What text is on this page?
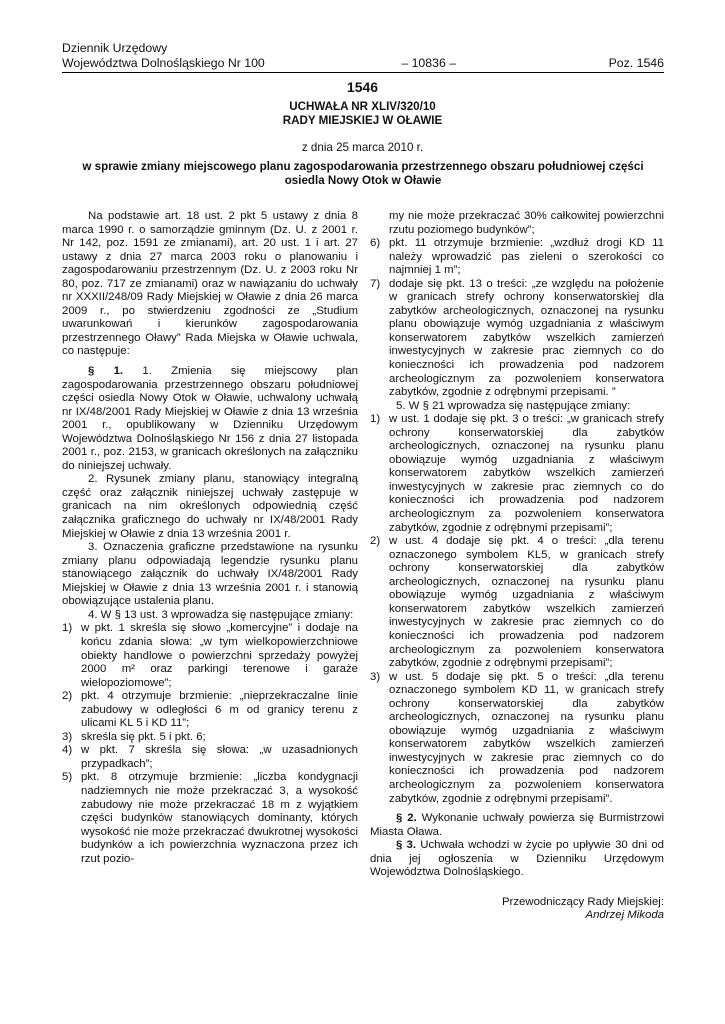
Dziennik Urzędowy
Województwa Dolnośląskiego Nr 100	– 10836 –	Poz. 1546
1546
UCHWAŁA NR XLIV/320/10
RADY MIEJSKIEJ W OŁAWIE
z dnia 25 marca 2010 r.
w sprawie zmiany miejscowego planu zagospodarowania przestrzennego obszaru południowej części osiedla Nowy Otok w Oławie

Na podstawie art. 18 ust. 2 pkt 5 ustawy z dnia 8 marca 1990 r. o samorządzie gminnym (Dz. U. z 2001 r. Nr 142, poz. 1591 ze zmianami), art. 20 ust. 1 i art. 27 ustawy z dnia 27 marca 2003 roku o planowaniu i zagospodarowaniu przestrzennym (Dz. U. z 2003 roku Nr 80, poz. 717 ze zmianami) oraz w nawiązaniu do uchwały nr XXXII/248/09 Rady Miejskiej w Oławie z dnia 26 marca 2009 r., po stwierdzeniu zgodności ze „Studium uwarunkowań i kierunków zagospodarowania przestrzennego Oławy” Rada Miejska w Oławie uchwala, co następuje:

§ 1. 1. Zmienia się miejscowy plan zagospodarowania przestrzennego obszaru południowej części osiedla Nowy Otok w Oławie, uchwalony uchwałą nr IX/48/2001 Rady Miejskiej w Oławie z dnia 13 września 2001 r., opublikowany w Dzienniku Urzędowym Województwa Dolnośląskiego Nr 156 z dnia 27 listopada 2001 r., poz. 2153, w granicach określonych na załączniku do niniejszej uchwały.

2. Rysunek zmiany planu, stanowiący integralną część oraz załącznik niniejszej uchwały zastępuje w granicach na nim określonych odpowiednią część załącznika graficznego do uchwały nr IX/48/2001 Rady Miejskiej w Oławie z dnia 13 września 2001 r.

3. Oznaczenia graficzne przedstawione na rysunku zmiany planu odpowiadają legendzie rysunku planu stanowiącego załącznik do uchwały IX/48/2001 Rady Miejskiej w Oławie z dnia 13 września 2001 r. i stanowią obowiązujące ustalenia planu.

4. W § 13 ust. 3 wprowadza się następujące zmiany:

1) w pkt. 1 skreśla się słowo „komercyjne” i dodaje na końcu zdania słowa: „w tym wielkopowierzchniowe obiekty handlowe o powierzchni sprzedaży powyżej 2000 m² oraz parkingi terenowe i garaże wielopoziomowe”;
2) pkt. 4 otrzymuje brzmienie: „nieprzekraczalne linie zabudowy w odległości 6 m od granicy terenu z ulicami KL 5 i KD 11”;
3) skreśla się pkt. 5 i pkt. 6;
4) w pkt. 7 skreśla się słowa: „w uzasadnionych przypadkach”;
5) pkt. 8 otrzymuje brzmienie: „liczba kondygnacji nadziemnych nie może przekraczać 3, a wysokość zabudowy nie może przekraczać 18 m z wyjątkiem części budynków stanowiących dominanty, których wysokość nie może przekraczać dwukrotnej wysokości budynków a ich powierzchnia wyznaczona przez ich rzut pozio-

my nie może przekraczać 30% całkowitej powierzchni rzutu poziomego budynków”;

6) pkt. 11 otrzymuje brzmienie: „wzdłuż drogi KD 11 należy wprowadzić pas zieleni o szerokości co najmniej 1 m”;
7) dodaje się pkt. 13 o treści: „ze względu na położenie w granicach strefy ochrony konserwatorskiej dla zabytków archeologicznych, oznaczonej na rysunku planu obowiązuje wymóg uzgadniania z właściwym konserwatorem zabytków wszelkich zamierzeń inwestycyjnych w zakresie prac ziemnych co do konieczności ich prowadzenia pod nadzorem archeologicznym za pozwoleniem konserwatora zabytków, zgodnie z odrębnymi przepisami. ”

5. W § 21 wprowadza się następujące zmiany:

1) w ust. 1 dodaje się pkt. 3 o treści: „w granicach strefy ochrony konserwatorskiej dla zabytków archeologicznych, oznaczonej na rysunku planu obowiązuje wymóg uzgadniania z właściwym konserwatorem zabytków wszelkich zamierzeń inwestycyjnych w zakresie prac ziemnych co do konieczności ich prowadzenia pod nadzorem archeologicznym za pozwoleniem konserwatora zabytków, zgodnie z odrębnymi przepisami”;
2) w ust. 4 dodaje się pkt. 4 o treści: „dla terenu oznaczonego symbolem KL5, w granicach strefy ochrony konserwatorskiej dla zabytków archeologicznych, oznaczonej na rysunku planu obowiązuje wymóg uzgadniania z właściwym konserwatorem zabytków wszelkich zamierzeń inwestycyjnych w zakresie prac ziemnych co do konieczności ich prowadzenia pod nadzorem archeologicznym za pozwoleniem konserwatora zabytków, zgodnie z odrębnymi przepisami”;
3) w ust. 5 dodaje się pkt. 5 o treści: „dla terenu oznaczonego symbolem KD 11, w granicach strefy ochrony konserwatorskiej dla zabytków archeologicznych, oznaczonej na rysunku planu obowiązuje wymóg uzgadniania z właściwym konserwatorem zabytków wszelkich zamierzeń inwestycyjnych w zakresie prac ziemnych co do konieczności ich prowadzenia pod nadzorem archeologicznym za pozwoleniem konserwatora zabytków, zgodnie z odrębnymi przepisami”.

§ 2. Wykonanie uchwały powierza się Burmistrzowi Miasta Oława.

§ 3. Uchwała wchodzi w życie po upływie 30 dni od dnia jej ogłoszenia w Dzienniku Urzędowym Województwa Dolnośląskiego.

Przewodniczący Rady Miejskiej:
Andrzej Mikoda
